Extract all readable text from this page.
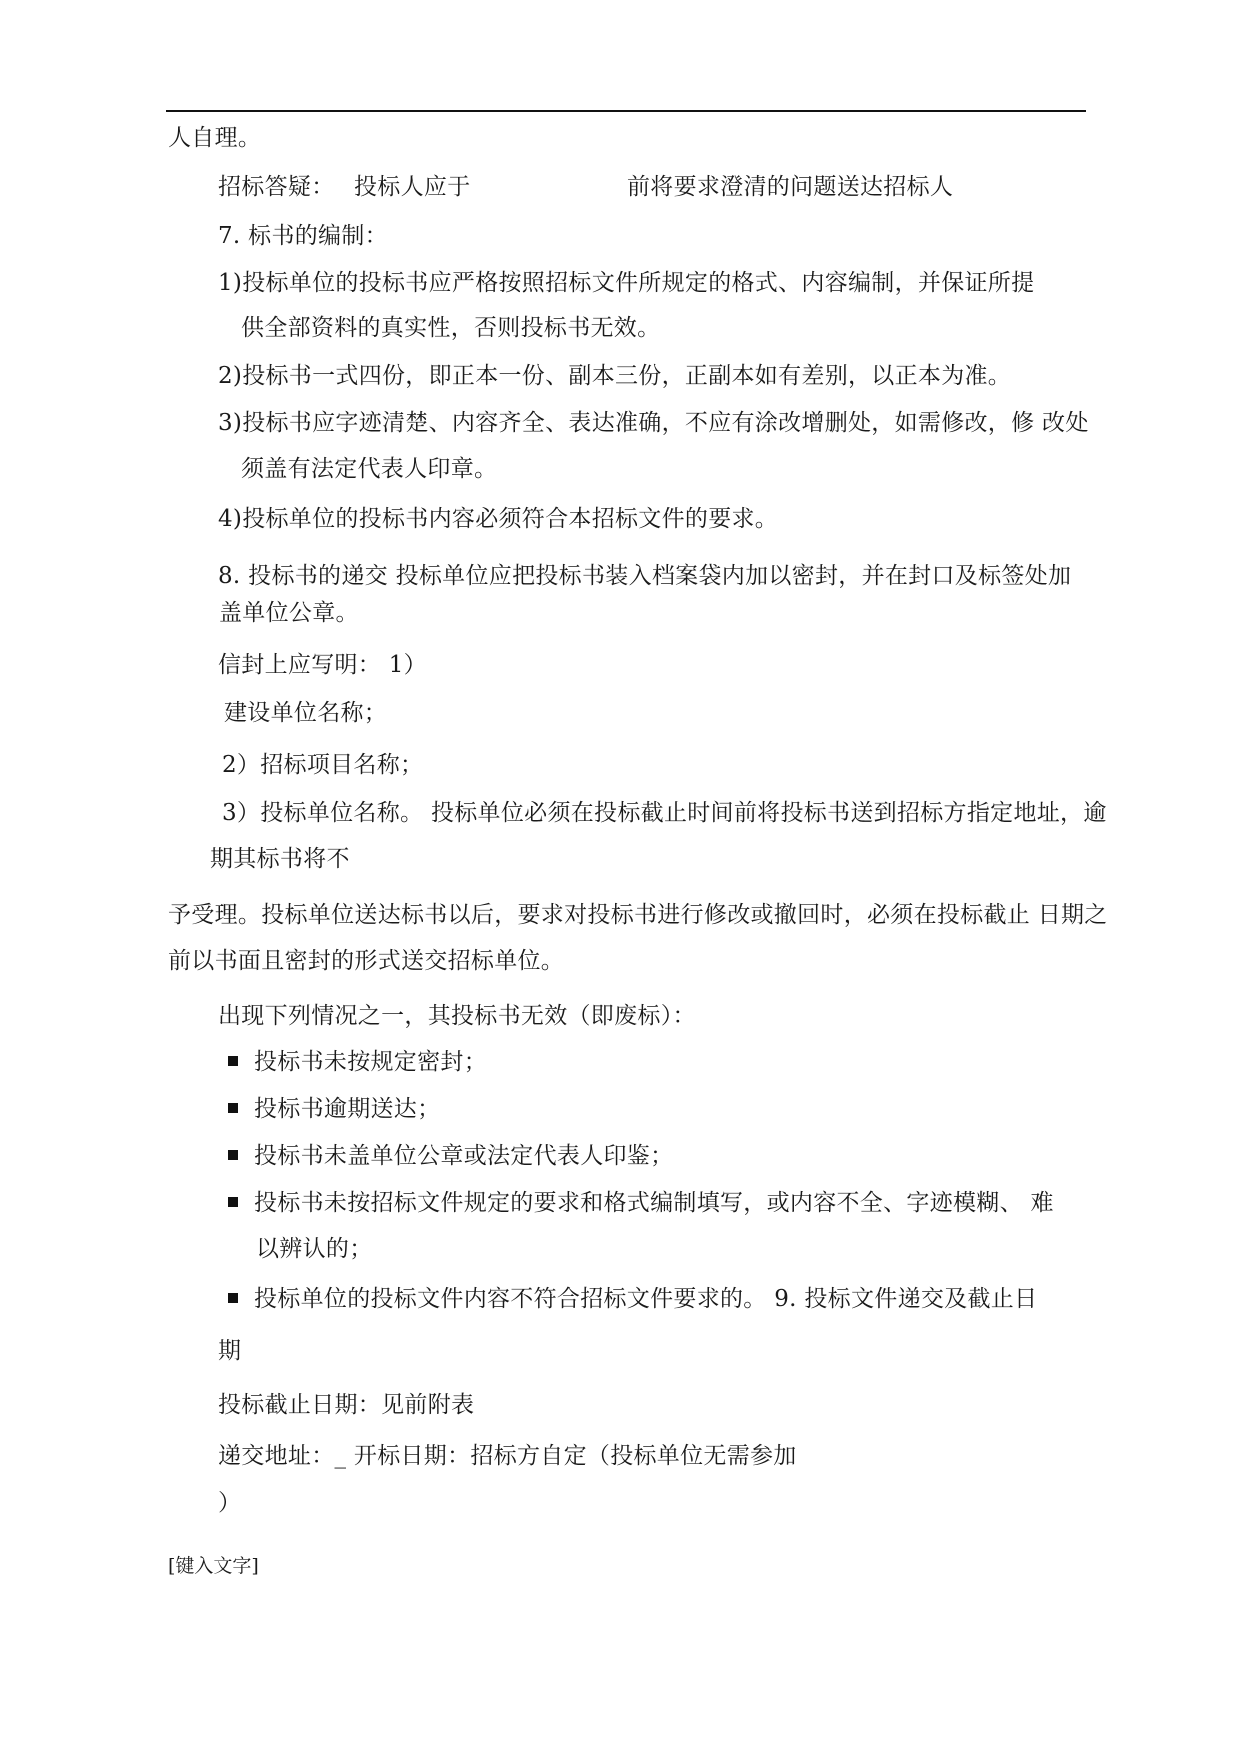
人自理。
招标答疑： 投标人应于	前将要求澄清的问题送达招标人
7. 标书的编制：
1)投标单位的投标书应严格按照招标文件所规定的格式、内容编制，并保证所提
供全部资料的真实性，否则投标书无效。
2)投标书一式四份，即正本一份、副本三份，正副本如有差别，以正本为准。
3)投标书应字迹清楚、内容齐全、表达准确，不应有涂改增删处，如需修改，修 改处
须盖有法定代表人印章。
4)投标单位的投标书内容必须符合本招标文件的要求。
8. 投标书的递交 投标单位应把投标书装入档案袋内加以密封，并在封口及标签处加
盖单位公章。
信封上应写明： 1）
建设单位名称；
2）招标项目名称；
3）投标单位名称。 投标单位必须在投标截止时间前将投标书送到招标方指定地址，逾
期其标书将不
予受理。投标单位送达标书以后，要求对投标书进行修改或撤回时，必须在投标截止 日期之
前以书面且密封的形式送交招标单位。
出现下列情况之一，其投标书无效（即废标）：
投标书未按规定密封；
投标书逾期送达；
投标书未盖单位公章或法定代表人印鉴；
投标书未按招标文件规定的要求和格式编制填写，或内容不全、字迹模糊、 难
以辨认的；
投标单位的投标文件内容不符合招标文件要求的。 9. 投标文件递交及截止日
期
投标截止日期：见前附表
递交地址：_ 开标日期：招标方自定（投标单位无需参加
）
[键入文字]
